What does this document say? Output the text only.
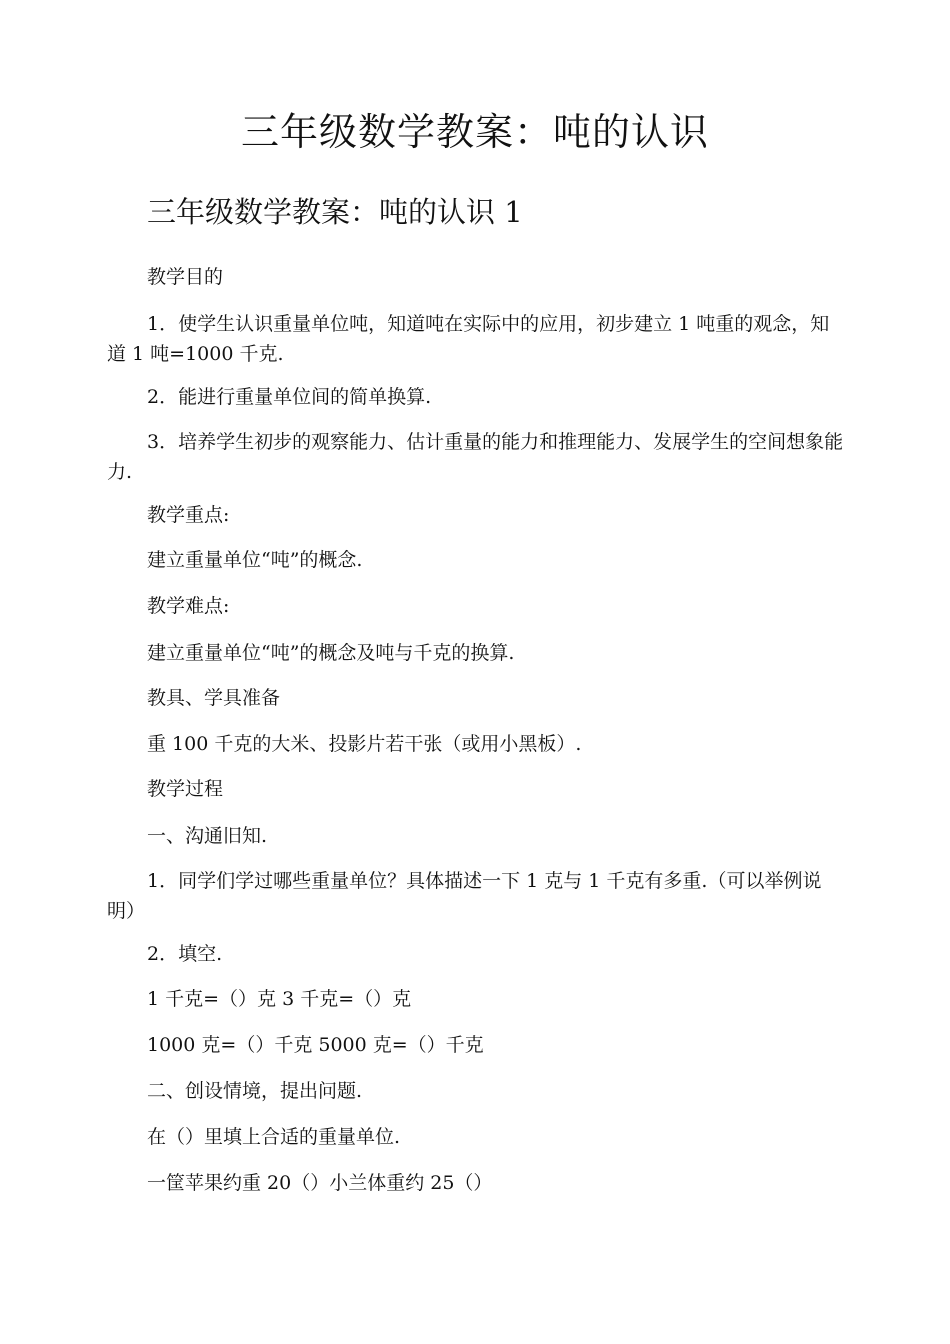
三年级数学教案：吨的认识
三年级数学教案：吨的认识 1

教学目的

1．使学生认识重量单位吨，知道吨在实际中的应用，初步建立 1 吨重的观念，知道 1 吨=1000 千克.

2．能进行重量单位间的简单换算.

3．培养学生初步的观察能力、估计重量的能力和推理能力、发展学生的空间想象能力.

教学重点:

建立重量单位“吨”的概念.

教学难点:

建立重量单位“吨”的概念及吨与千克的换算.

教具、学具准备

重 100 千克的大米、投影片若干张（或用小黑板）.

教学过程

一、沟通旧知.

1．同学们学过哪些重量单位？具体描述一下 1 克与 1 千克有多重.（可以举例说明）

2．填空.

1 千克=（）克 3 千克=（）克

1000 克=（）千克 5000 克=（）千克

二、创设情境，提出问题.

在（）里填上合适的重量单位.

一筐苹果约重 20（）小兰体重约 25（）
